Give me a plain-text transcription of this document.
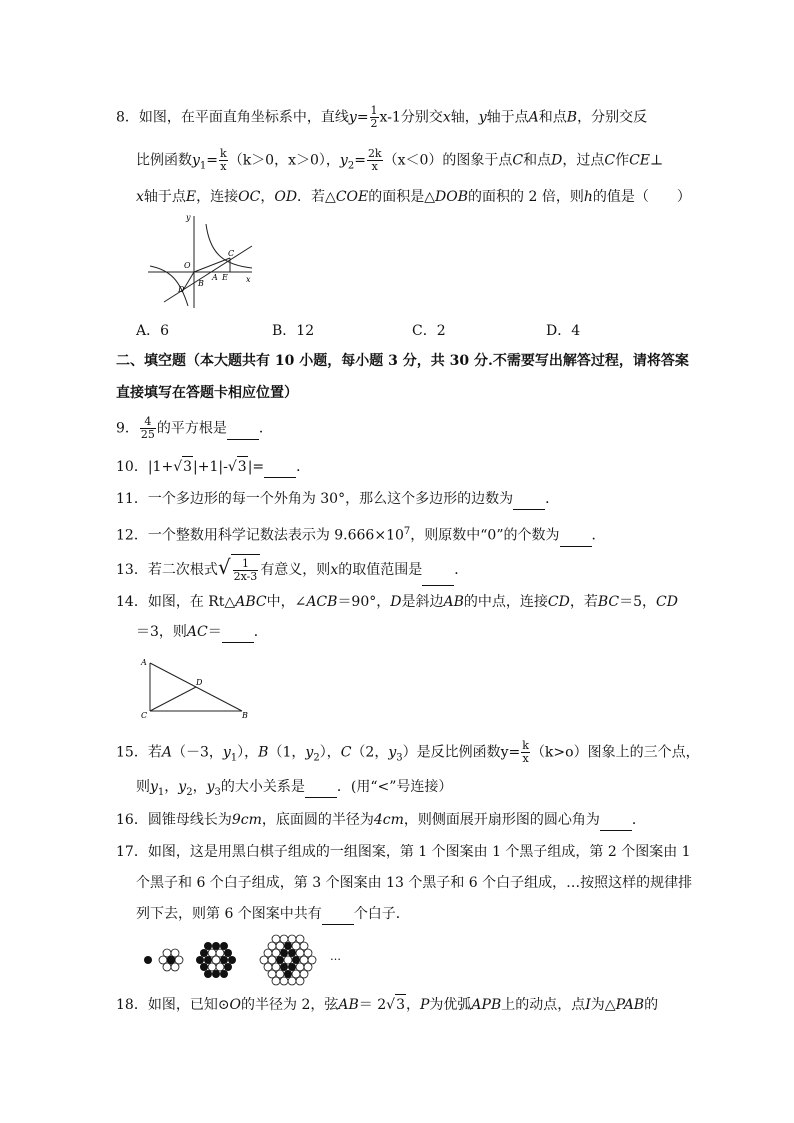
8．如图，在平面直角坐标系中，直线$y= \frac{1}{2} x-1$分别交x轴，y轴于点A和点B，分别交反
比例函数$y_1= \frac{k}{x} (k>0$，x＞0），$y_2= \frac{2k}{x} (x<0)$的图象于点C和点D，过点C作CE⊥
x轴于点E，连接OC，OD．若△COE的面积是△DOB的面积的 2 倍，则h的值是（　　）
y
x
O
C
A E
B
D
A．6	B．12	C．2	D．4
二、填空题（本大题共有 10 小题，每小题 3 分，共 30 分.不需要写出解答过程，请将答案
直接填写在答题卡相应位置）
9． $\frac{4}{25}$ 的平方根是 ．
10．|1+√3|+1|-√3|= ．
11．一个多边形的每一个外角为 30°，那么这个多边形的边数为 ．
12．一个整数用科学记数法表示为 $9.666\times 10^7$，则原数中“0”的个数为 ．
13．若二次根式√ $\frac{1}{2x-3}$ 有意义，则x的取值范围是 ．
14．如图，在 Rt△ABC中，∠ACB＝90°，D是斜边AB的中点，连接CD，若BC＝5，CD
＝3，则AC＝ ．
A
D
C	B
15．若A（－3，$y_1$），B（1，$y_2$），C（2，$y_3$）是反比例函数$y= \frac{k}{x} (k>o)$图象上的三个点，
则$y_1$，$y_2$，$y_3$的大小关系是 ．(用“<”号连接）
16．圆锥母线长为9cm，底面圆的半径为4cm，则侧面展开扇形图的圆心角为 ．
17．如图，这是用黑白棋子组成的一组图案，第 1 个图案由 1 个黑子组成，第 2 个图案由 1
个黑子和 6 个白子组成，第 3 个图案由 13 个黑子和 6 个白子组成，…按照这样的规律排
列下去，则第 6 个图案中共有 个白子．
…
18．如图，已知⊙O的半径为 2，弦AB＝ 2√3，P为优弧APB上的动点，点I为△PAB的
